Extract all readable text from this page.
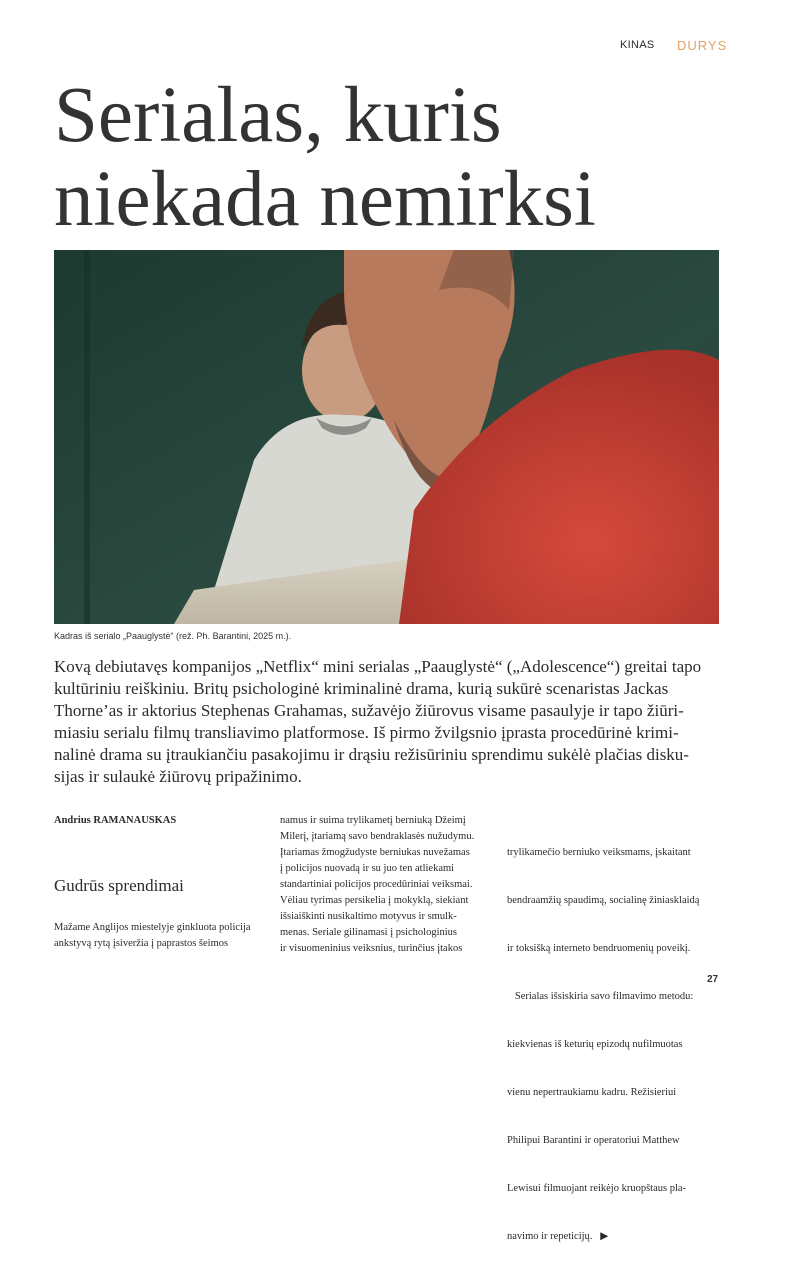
KINAS DURYS
Serialas, kuris
niekada nemirksi
Kadras iš serialo „Paauglystė“ (rež. Ph. Barantini, 2025 m.).

Kovą debiutavęs kompanijos „Netflix“ mini serialas „Paauglystė“ („Adolescence“) greitai tapo
kultūriniu reiškiniu. Britų psichologinė kriminalinė drama, kurią sukūrė scenaristas Jackas
Thorne’as ir aktorius Stephenas Grahamas, sužavėjo žiūrovus visame pasaulyje ir tapo žiūri-
miasiu serialu filmų transliavimo platformose. Iš pirmo žvilgsnio įprasta procedūrinė krimi-
nalinė drama su įtraukiančiu pasakojimu ir drąsiu režisūriniu sprendimu sukėlė plačias disku-
sijas ir sulaukė žiūrovų pripažinimo.

Andrius RAMANAUSKAS
Gudrūs sprendimai

Mažame Anglijos miestelyje ginkluota policija
ankstyvą rytą įsiveržia į paprastos šeimos

namus ir suima trylikametį berniuką Džeimį
Milerį, įtariamą savo bendraklasės nužudymu.
Įtariamas žmogžudyste berniukas nuvežamas
į policijos nuovadą ir su juo ten atliekami
standartiniai policijos procedūriniai veiksmai.
Vėliau tyrimas persikelia į mokyklą, siekiant
išsiaiškinti nusikaltimo motyvus ir smulk-
menas. Seriale gilinamasi į psichologinius
ir visuomeninius veiksnius, turinčius įtakos

trylikamečio berniuko veiksmams, įskaitant

bendraamžių spaudimą, socialinę žiniasklaidą

ir toksišką interneto bendruomenių poveikį.

Serialas išsiskiria savo filmavimo metodu:

kiekvienas iš keturių epizodų nufilmuotas

vienu nepertraukiamu kadru. Režisieriui

Philipui Barantini ir operatoriui Matthew

Lewisui filmuojant reikėjo kruopštaus pla-

navimo ir repeticijų.   ▶

27
